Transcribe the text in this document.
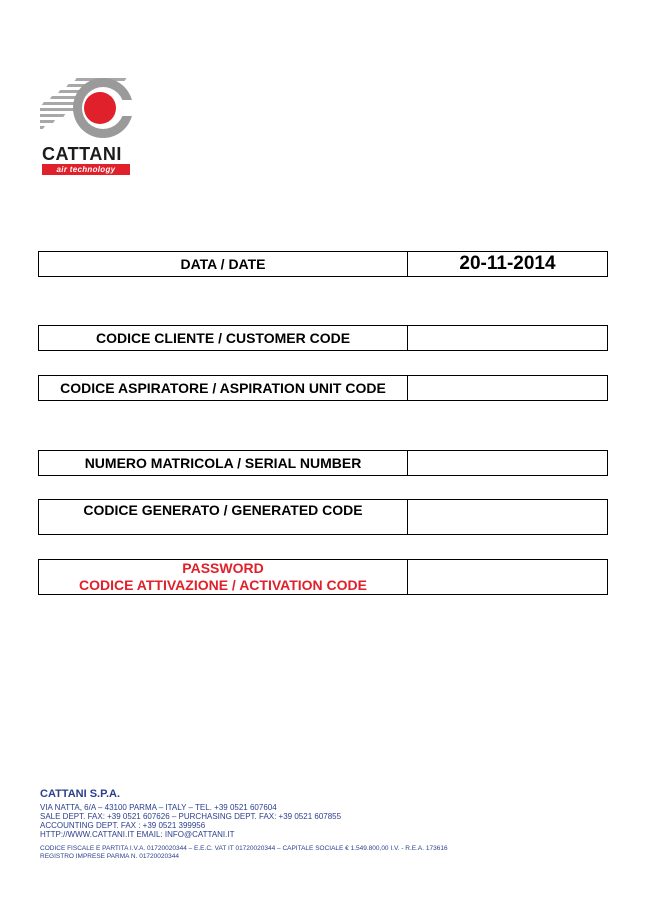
CATTANI
air technology
DATA / DATE	20-11-2014
CODICE CLIENTE / CUSTOMER CODE
CODICE ASPIRATORE / ASPIRATION UNIT CODE
NUMERO MATRICOLA / SERIAL NUMBER
CODICE GENERATO / GENERATED CODE
PASSWORD
CODICE ATTIVAZIONE / ACTIVATION CODE
CATTANI S.P.A.
VIA NATTA, 6/A – 43100 PARMA – ITALY – TEL. +39 0521 607604
SALE DEPT. FAX: +39 0521 607626 – PURCHASING DEPT. FAX: +39 0521 607855
ACCOUNTING DEPT. FAX : +39 0521 399956
HTTP://WWW.CATTANI.IT EMAIL: INFO@CATTANI.IT
CODICE FISCALE E PARTITA I.V.A. 01720020344 – E.E.C. VAT IT 01720020344 – CAPITALE SOCIALE € 1.549.800,00 I.V. - R.E.A. 173616
REGISTRO IMPRESE PARMA N. 01720020344
